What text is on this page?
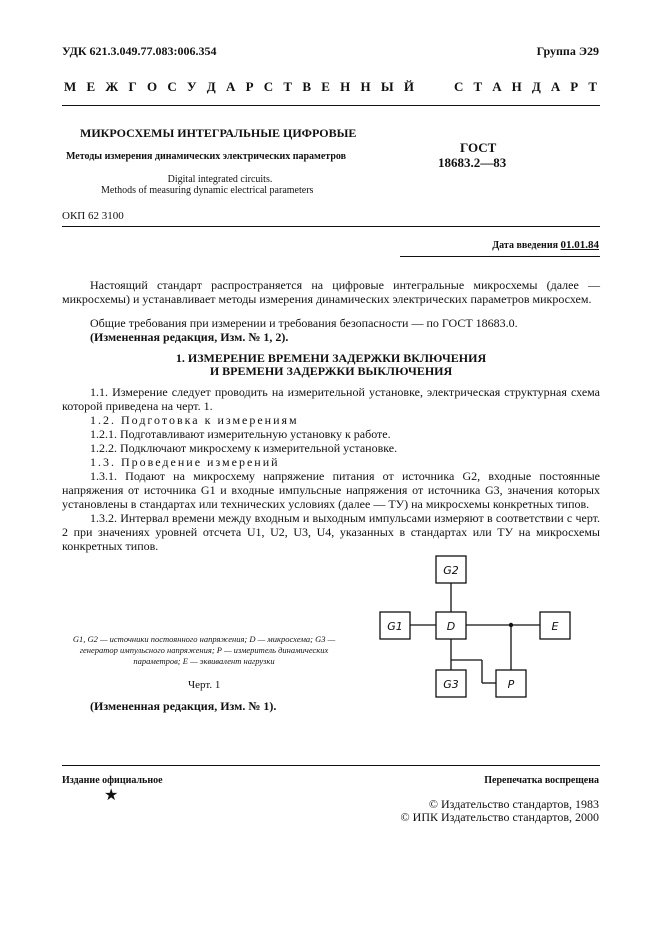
УДК 621.3.049.77.083:006.354	Группа Э29
М Е Ж Г О С У Д А Р С Т В Е Н Н Ы Й	С Т А Н Д А Р Т
МИКРОСХЕМЫ ИНТЕГРАЛЬНЫЕ ЦИФРОВЫЕ
Методы измерения динамических электрических параметров
Digital integrated circuits.
Methods of measuring dynamic electrical parameters
ГОСТ
18683.2—83
ОКП 62 3100
Дата введения 01.01.84
Настоящий стандарт распространяется на цифровые интегральные микросхемы (далее — микросхемы) и устанавливает методы измерения динамических электрических параметров микросхем.
Общие требования при измерении и требования безопасности — по ГОСТ 18683.0.
(Измененная редакция, Изм. № 1, 2).
1. ИЗМЕРЕНИЕ ВРЕМЕНИ ЗАДЕРЖКИ ВКЛЮЧЕНИЯ
И ВРЕМЕНИ ЗАДЕРЖКИ ВЫКЛЮЧЕНИЯ
1.1. Измерение следует проводить на измерительной установке, электрическая структурная схема которой приведена на черт. 1.
1.2. Подготовка к измерениям
1.2.1. Подготавливают измерительную установку к работе.
1.2.2. Подключают микросхему к измерительной установке.
1.3. Проведение измерений
1.3.1. Подают на микросхему напряжение питания от источника G2, входные постоянные напряжения от источника G1 и входные импульсные напряжения от источника G3, значения которых установлены в стандартах или технических условиях (далее — ТУ) на микросхемы конкретных типов.
1.3.2. Интервал времени между входным и выходным импульсами измеряют в соответствии с черт. 2 при значениях уровней отсчета U1, U2, U3, U4, указанных в стандартах или ТУ на микросхемы конкретных типов.
G1, G2 — источники постоянного напряжения; D — микросхема; G3 — генератор импульсного напряжения; P — измеритель динамических параметров; E — эквивалент нагрузки
Черт. 1
(Измененная редакция, Изм. № 1).
G2
G1	D
G3	P
E
Издание официальное
★
Перепечатка воспрещена
© Издательство стандартов, 1983
© ИПК Издательство стандартов, 2000
